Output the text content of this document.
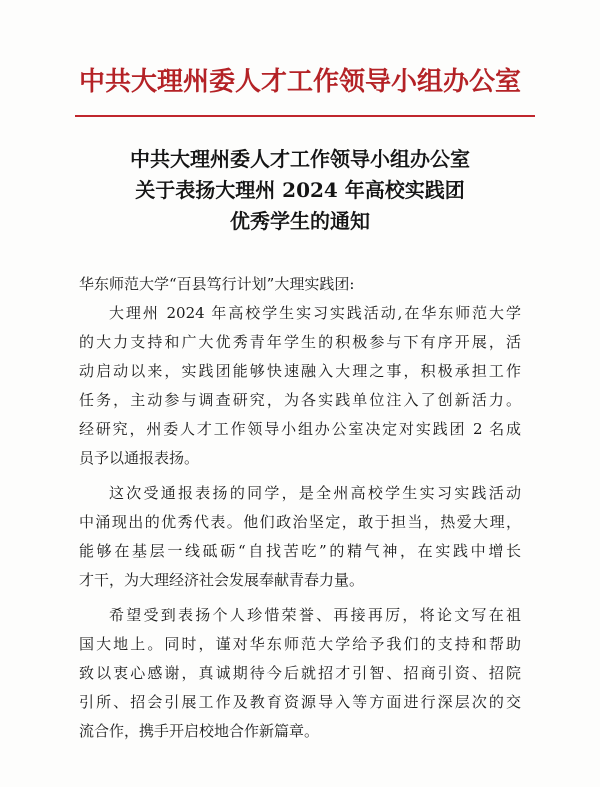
中共大理州委人才工作领导小组办公室
中共大理州委人才工作领导小组办公室
关于表扬大理州 2024 年高校实践团
优秀学生的通知
华东师范大学“百县笃行计划”大理实践团:
大理州 2024 年高校学生实习实践活动,在华东师范大学
的大力支持和广大优秀青年学生的积极参与下有序开展，活
动启动以来，实践团能够快速融入大理之事，积极承担工作
任务，主动参与调查研究，为各实践单位注入了创新活力。
经研究，州委人才工作领导小组办公室决定对实践团 2 名成
员予以通报表扬。
这次受通报表扬的同学，是全州高校学生实习实践活动
中涌现出的优秀代表。他们政治坚定，敢于担当，热爱大理，
能够在基层一线砥砺“自找苦吃”的精气神，在实践中增长
才干，为大理经济社会发展奉献青春力量。
希望受到表扬个人珍惜荣誉、再接再厉，将论文写在祖
国大地上。同时，谨对华东师范大学给予我们的支持和帮助
致以衷心感谢，真诚期待今后就招才引智、招商引资、招院
引所、招会引展工作及教育资源导入等方面进行深层次的交
流合作，携手开启校地合作新篇章。
